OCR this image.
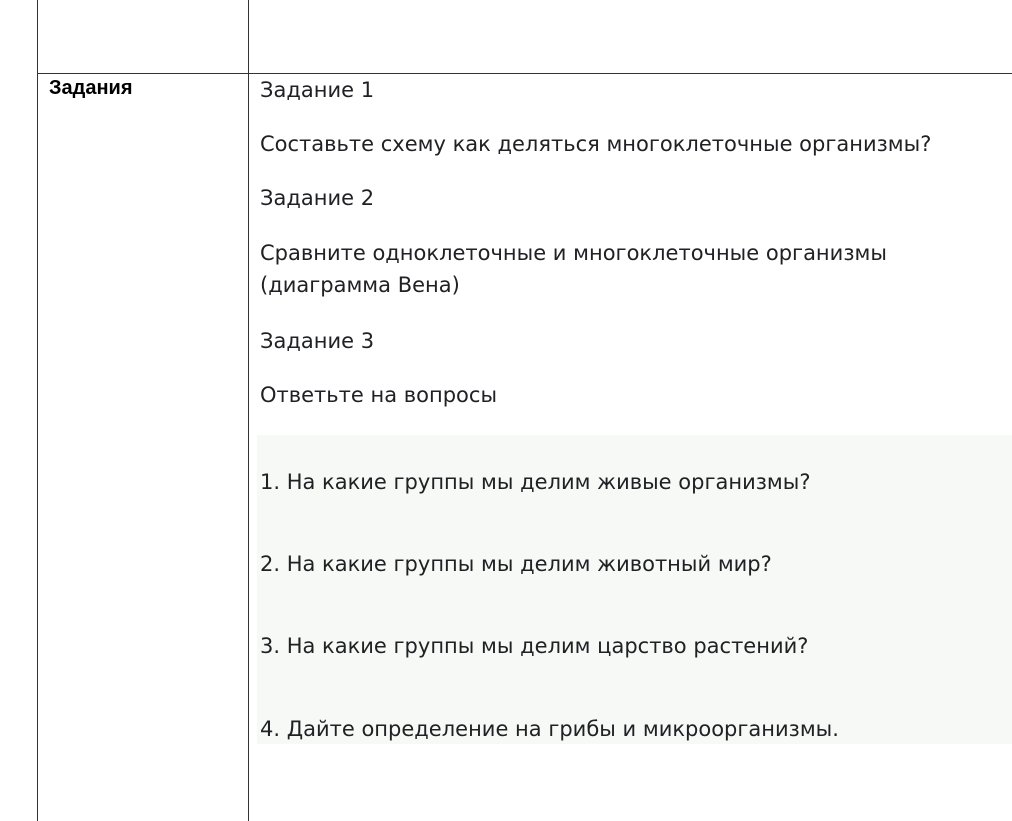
Задания	Задание 1
Составьте схему как деляться многоклеточные организмы?
Задание 2
Сравните одноклеточные и многоклеточные организмы (диаграмма Вена)
Задание 3
Ответьте на вопросы
1. На какие группы мы делим живые организмы?
2. На какие группы мы делим животный мир?
3. На какие группы мы делим царство растений?
4. Дайте определение на грибы и микроорганизмы.
